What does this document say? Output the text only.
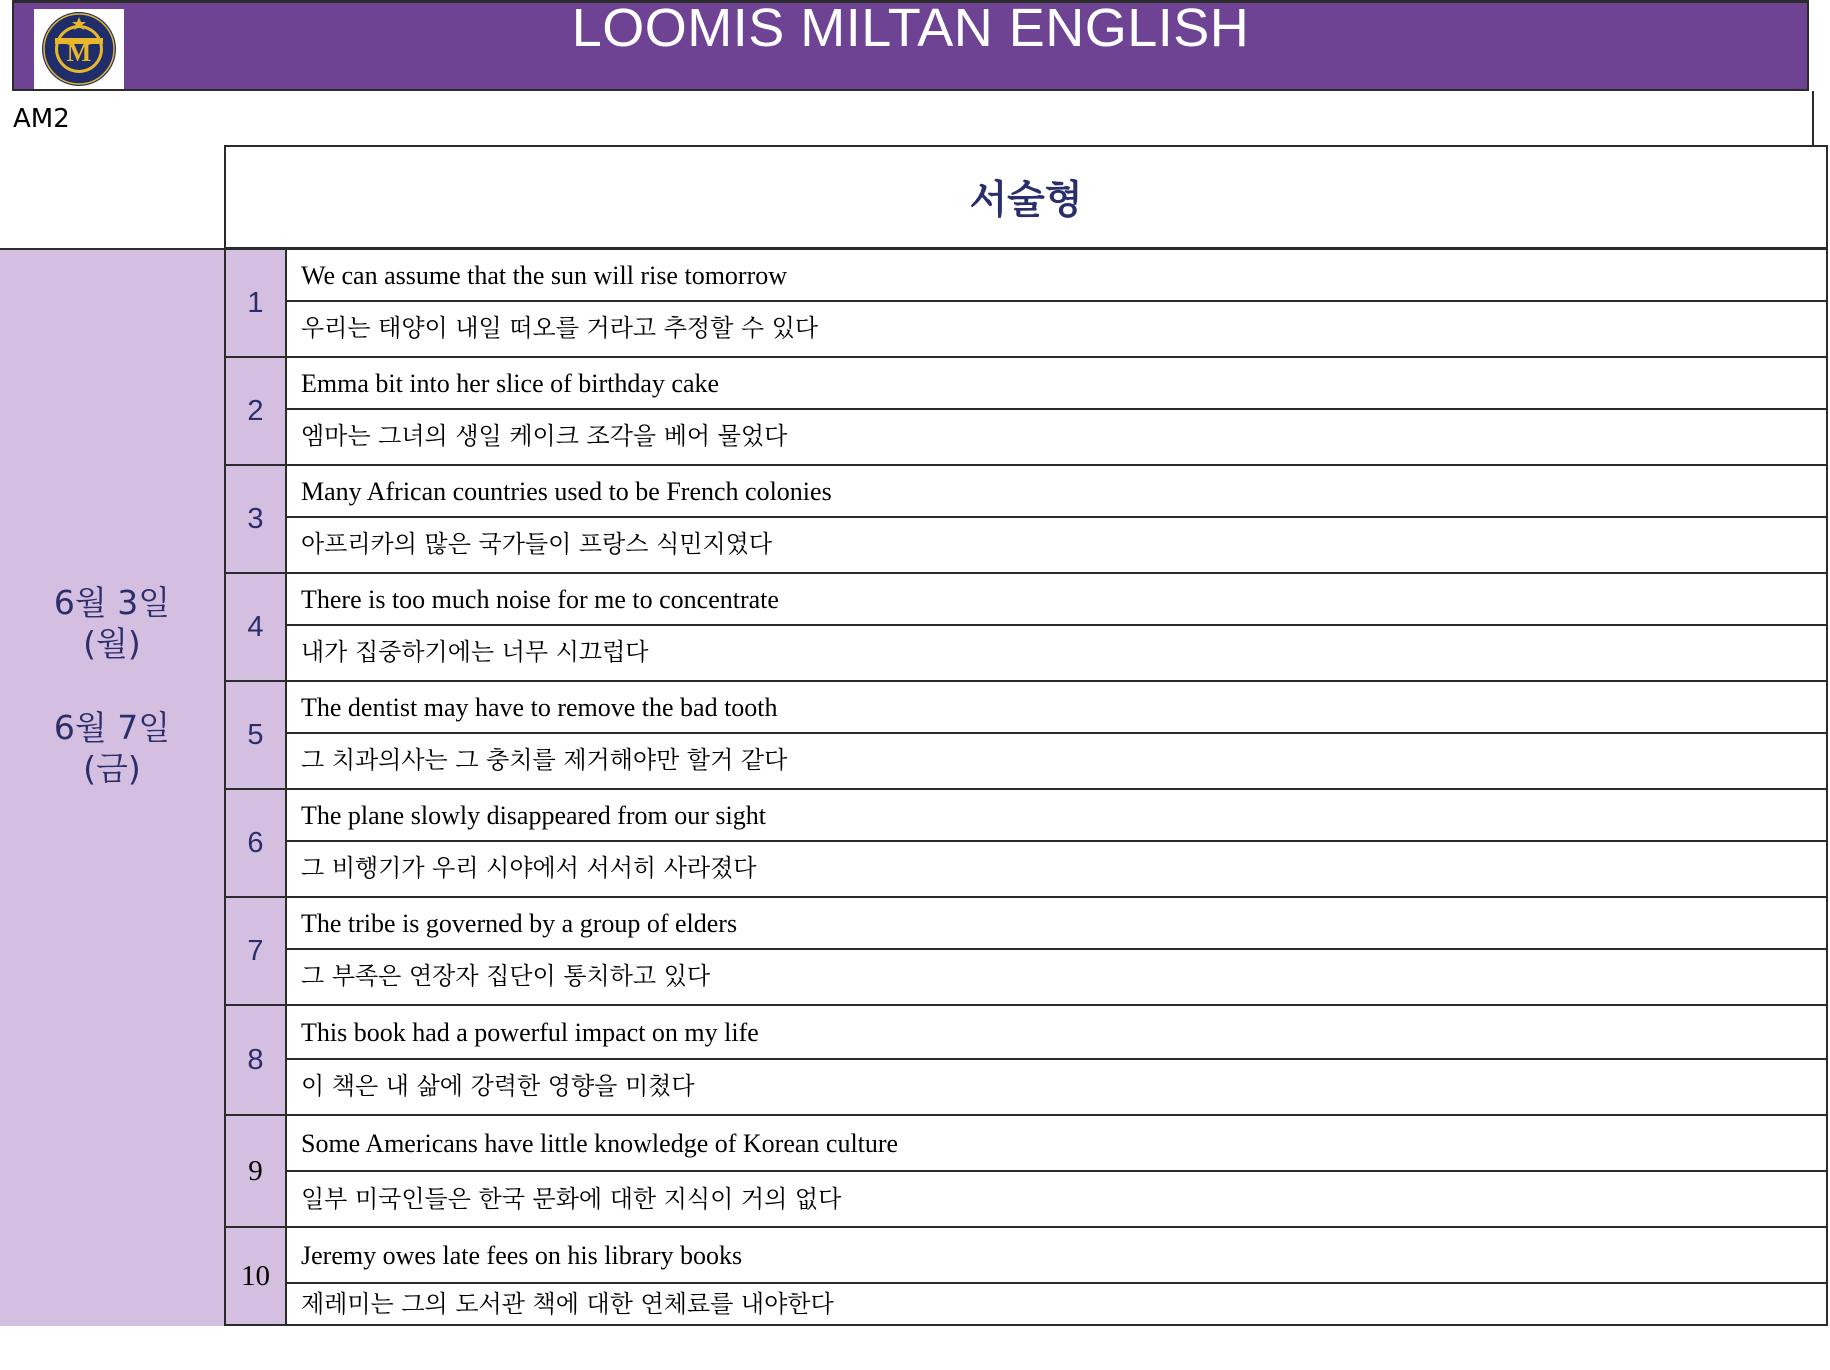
LOOMIS MILTAN ENGLISH
M
AM2
서술형
6월 3일
(월)
6월 7일
(금)
1
We can assume that the sun will rise tomorrow
우리는 태양이 내일 떠오를 거라고 추정할 수 있다
2
Emma bit into her slice of birthday cake
엠마는 그녀의 생일 케이크 조각을 베어 물었다
3
Many African countries used to be French colonies
아프리카의 많은 국가들이 프랑스 식민지였다
4
There is too much noise for me to concentrate
내가 집중하기에는 너무 시끄럽다
5
The dentist may have to remove the bad tooth
그 치과의사는 그 충치를 제거해야만 할거 같다
6
The plane slowly disappeared from our sight
그 비행기가 우리 시야에서 서서히 사라졌다
7
The tribe is governed by a group of elders
그 부족은 연장자 집단이 통치하고 있다
8
This book had a powerful impact on my life
이 책은 내 삶에 강력한 영향을 미쳤다
9
Some Americans have little knowledge of Korean culture
일부 미국인들은 한국 문화에 대한 지식이 거의 없다
10
Jeremy owes late fees on his library books
제레미는 그의 도서관 책에 대한 연체료를 내야한다
